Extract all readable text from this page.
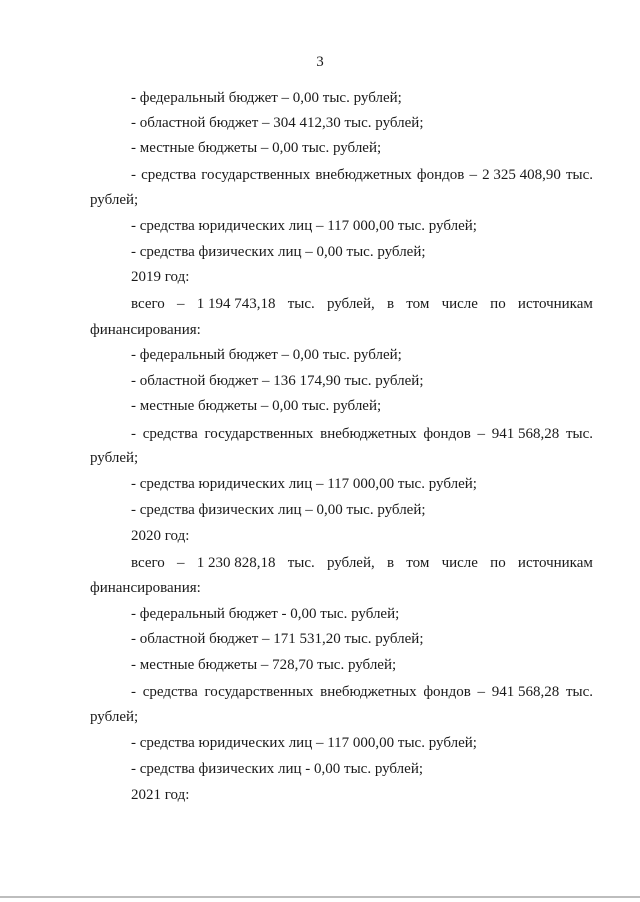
3
- федеральный бюджет – 0,00 тыс. рублей;
- областной бюджет – 304 412,30 тыс. рублей;
- местные бюджеты – 0,00 тыс. рублей;
- средства государственных внебюджетных фондов – 2 325 408,90 тыс.
рублей;
- средства юридических лиц – 117 000,00 тыс. рублей;
- средства физических лиц – 0,00 тыс. рублей;
2019 год:
всего – 1 194 743,18 тыс. рублей, в том числе по источникам
финансирования:
- федеральный бюджет – 0,00 тыс. рублей;
- областной бюджет – 136 174,90 тыс. рублей;
- местные бюджеты – 0,00 тыс. рублей;
- средства государственных внебюджетных фондов – 941 568,28 тыс.
рублей;
- средства юридических лиц – 117 000,00 тыс. рублей;
- средства физических лиц – 0,00 тыс. рублей;
2020 год:
всего – 1 230 828,18 тыс. рублей, в том числе по источникам
финансирования:
- федеральный бюджет - 0,00 тыс. рублей;
- областной бюджет – 171 531,20 тыс. рублей;
- местные бюджеты – 728,70 тыс. рублей;
- средства государственных внебюджетных фондов – 941 568,28 тыс.
рублей;
- средства юридических лиц – 117 000,00 тыс. рублей;
- средства физических лиц - 0,00 тыс. рублей;
2021 год:
